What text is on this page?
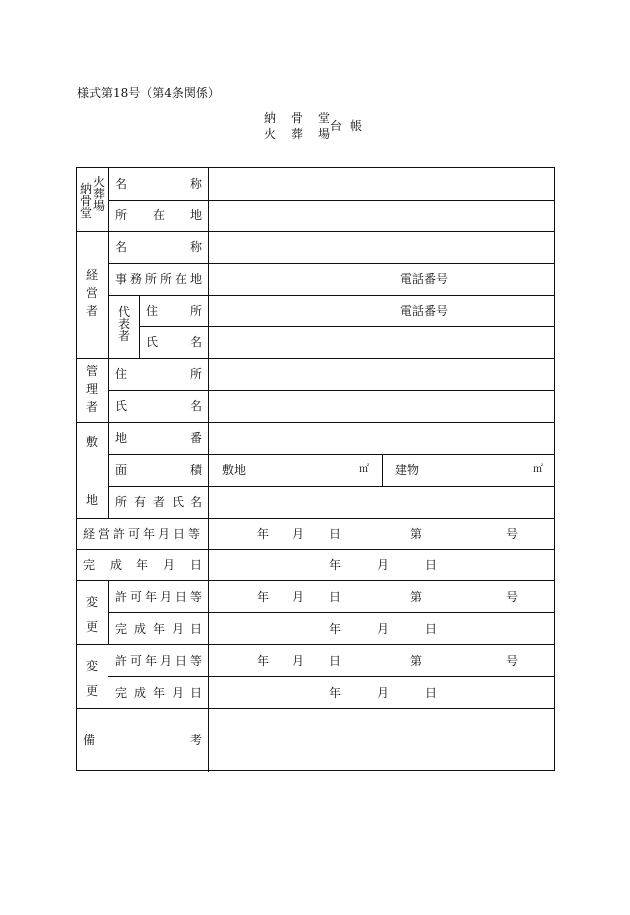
様式第18号（第4条関係）
納 骨 堂
火 葬 場
台 帳
納
骨
堂
火
葬
場
名	称
所 在 地
経
営
者
名	称
事 務 所 所 在 地	電話番号
代
表
者
住	所	電話番号
氏	名
管
理
者
住	所
氏	名
敷
地
地	番
面	積 敷地	㎡ 建物	㎡
所 有 者 氏 名
経 営 許 可 年 月 日 等	年 月 日	第	号
完 成 年 月 日	年	月	日
変
更
許 可 年 月 日 等	年 月 日	第	号
完 成 年 月 日	年	月	日
変
更
許 可 年 月 日 等	年 月 日	第	号
完 成 年 月 日	年	月	日
備	考
